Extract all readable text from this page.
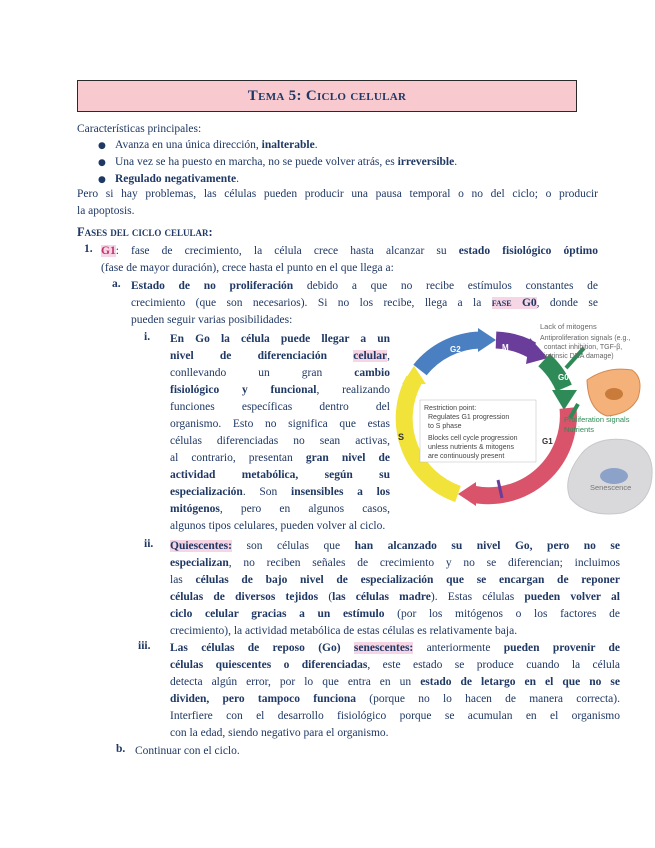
Tema 5: Ciclo celular
Características principales:
● Avanza en una única dirección, inalterable.
● Una vez se ha puesto en marcha, no se puede volver atrás, es irreversible.
● Regulado negativamente.
Pero si hay problemas, las células pueden producir una pausa temporal o no del ciclo; o producir
la apoptosis.
Fases del ciclo celular:
1. G1: fase de crecimiento, la célula crece hasta alcanzar su estado fisiológico óptimo
(fase de mayor duración), crece hasta el punto en el que llega a:
a. Estado de no proliferación debido a que no recibe estímulos constantes de
crecimiento (que son necesarios). Si no los recibe, llega a la fase G0, donde se
pueden seguir varias posibilidades:
i. En Go la célula puede llegar a un
nivel de diferenciación celular,
conllevando un gran cambio
fisiológico y funcional, realizando
funciones específicas dentro del
organismo. Esto no significa que estas
células diferenciadas no sean activas,
al contrario, presentan gran nivel de
actividad metabólica, según su
especialización. Son insensibles a los
mitógenos, pero en algunos casos,
algunos tipos celulares, pueden volver al ciclo.
G2	M
G0
S	G1
Lack of mitogens
Antiproliferation signals (e.g.,
contact inhibition, TGF-β,
intrinsic DNA damage)
Restriction point:
Regulates G1 progression
to S phase
Blocks cell cycle progression
unless nutrients & mitogens
are continuously present
Proliferation signals
Nutrients
Senescence
ii. Quiescentes: son células que han alcanzado su nivel Go, pero no se
especializan, no reciben señales de crecimiento y no se diferencian; incluimos
las células de bajo nivel de especialización que se encargan de reponer
células de diversos tejidos (las células madre). Estas células pueden volver al
ciclo celular gracias a un estímulo (por los mitógenos o los factores de
crecimiento), la actividad metabólica de estas células es relativamente baja.
iii. Las células de reposo (Go) senescentes: anteriormente pueden provenir de
células quiescentes o diferenciadas, este estado se produce cuando la célula
detecta algún error, por lo que entra en un estado de letargo en el que no se
dividen, pero tampoco funciona (porque no lo hacen de manera correcta).
Interfiere con el desarrollo fisiológico porque se acumulan en el organismo
con la edad, siendo negativo para el organismo.
b. Continuar con el ciclo.
